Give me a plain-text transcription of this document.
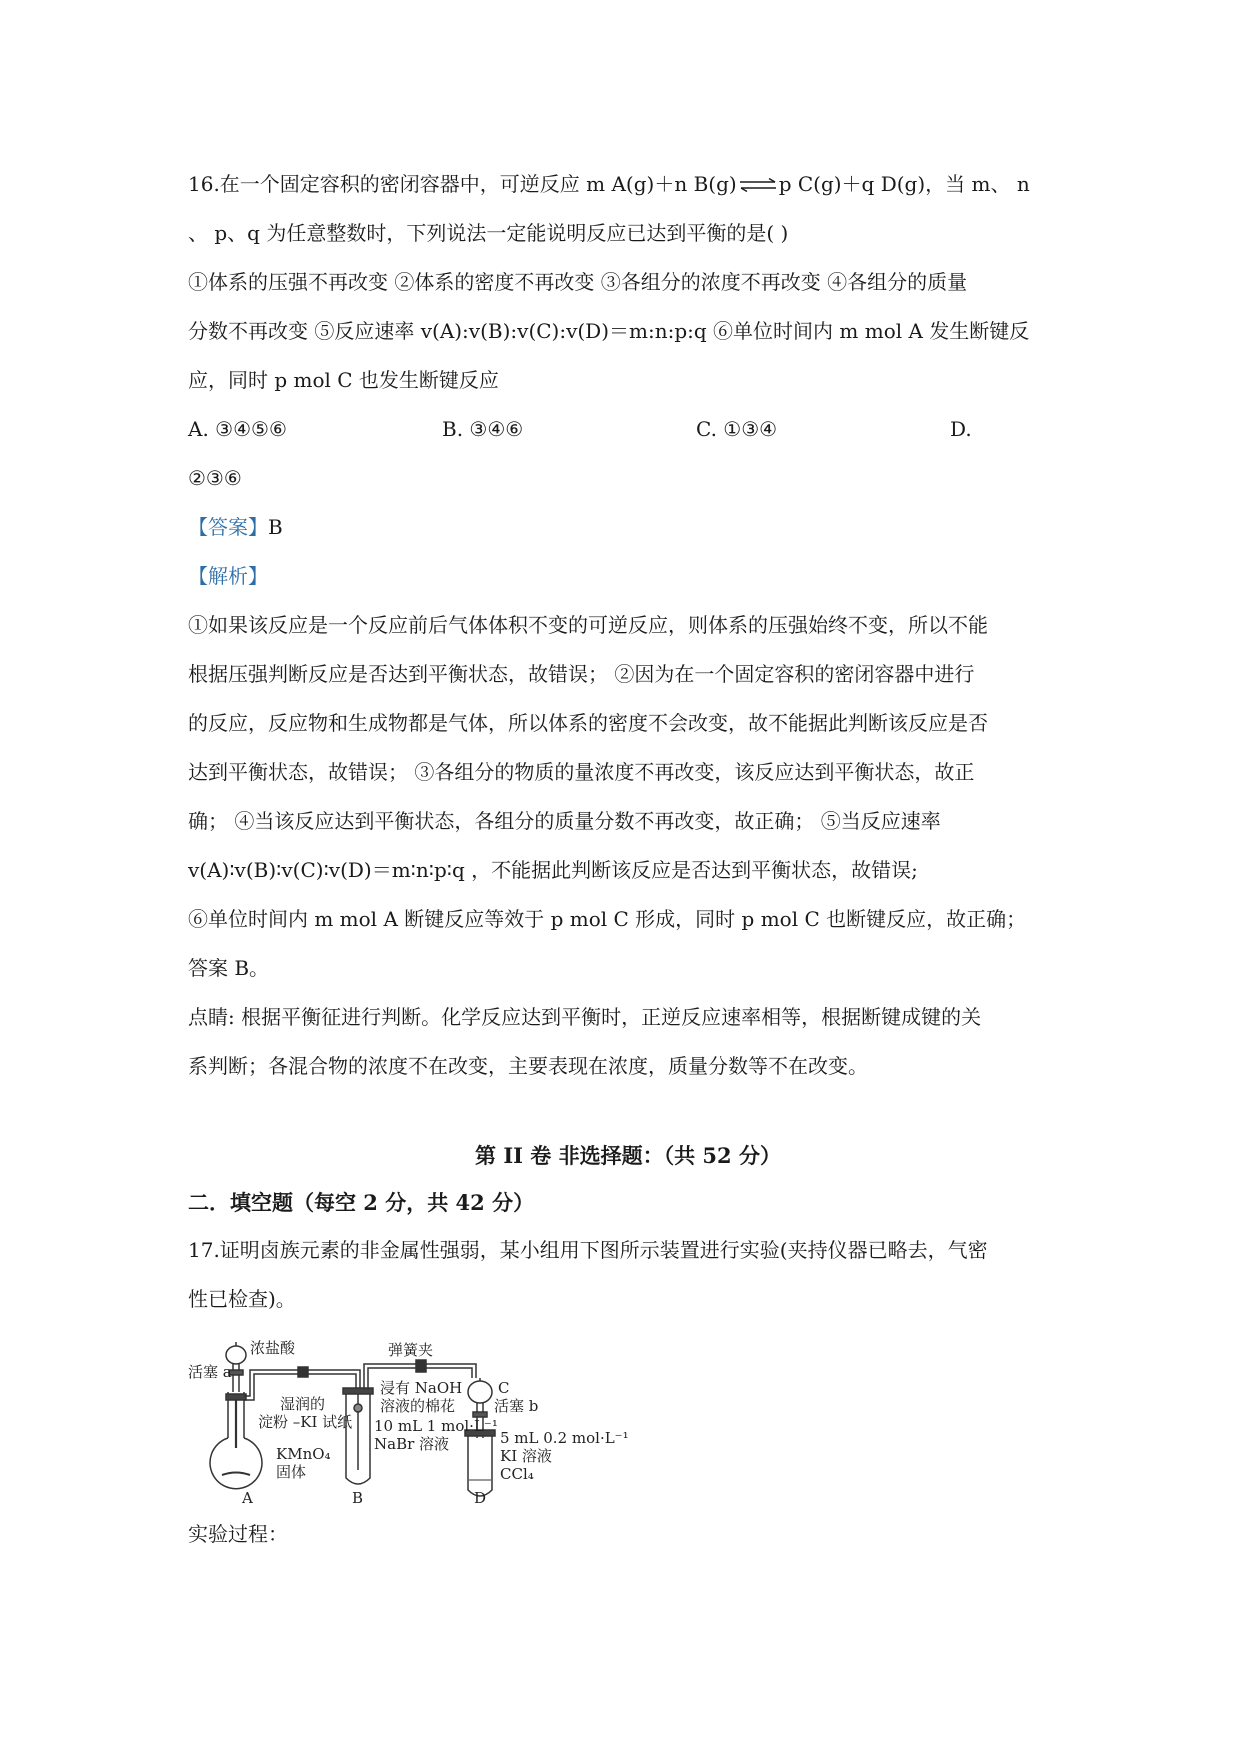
16.在一个固定容积的密闭容器中，可逆反应 m A(g)＋n B(g) ⇌ p C(g)＋q D(g)，当 m、 n
、 p、q 为任意整数时，下列说法一定能说明反应已达到平衡的是( )
①体系的压强不再改变 ②体系的密度不再改变 ③各组分的浓度不再改变 ④各组分的质量
分数不再改变 ⑤反应速率 v(A):v(B):v(C):v(D)＝m:n:p:q ⑥单位时间内 m mol A 发生断键反
应，同时 p mol C 也发生断键反应
A. ③④⑤⑥	B. ③④⑥	C. ①③④	D.
②③⑥
【答案】B
【解析】
①如果该反应是一个反应前后气体体积不变的可逆反应，则体系的压强始终不变，所以不能
根据压强判断反应是否达到平衡状态，故错误； ②因为在一个固定容积的密闭容器中进行
的反应，反应物和生成物都是气体，所以体系的密度不会改变，故不能据此判断该反应是否
达到平衡状态，故错误； ③各组分的物质的量浓度不再改变，该反应达到平衡状态，故正
确； ④当该反应达到平衡状态，各组分的质量分数不再改变，故正确； ⑤当反应速率
v(A)∶v(B)∶v(C)∶v(D)＝m∶n∶p∶q ，不能据此判断该反应是否达到平衡状态，故错误;
⑥单位时间内 m mol A 断键反应等效于 p mol C 形成，同时 p mol C 也断键反应，故正确；
答案 B。
点睛: 根据平衡征进行判断。化学反应达到平衡时，正逆反应速率相等，根据断键成键的关
系判断；各混合物的浓度不在改变，主要表现在浓度，质量分数等不在改变。
第 II 卷 非选择题：（共 52 分）
二．填空题（每空 2 分，共 42 分）
17.证明卤族元素的非金属性强弱，某小组用下图所示装置进行实验(夹持仪器已略去，气密
性已检查)。
浓盐酸
活塞 a
弹簧夹
浸有 NaOH
溶液的棉花
湿润的
淀粉 –KI 试纸 10 mL 1 mol·L⁻¹
NaBr 溶液
C
活塞 b
5 mL 0.2 mol·L⁻¹
KI 溶液
CCl₄
KMnO₄
固体
A	B	D
实验过程：
